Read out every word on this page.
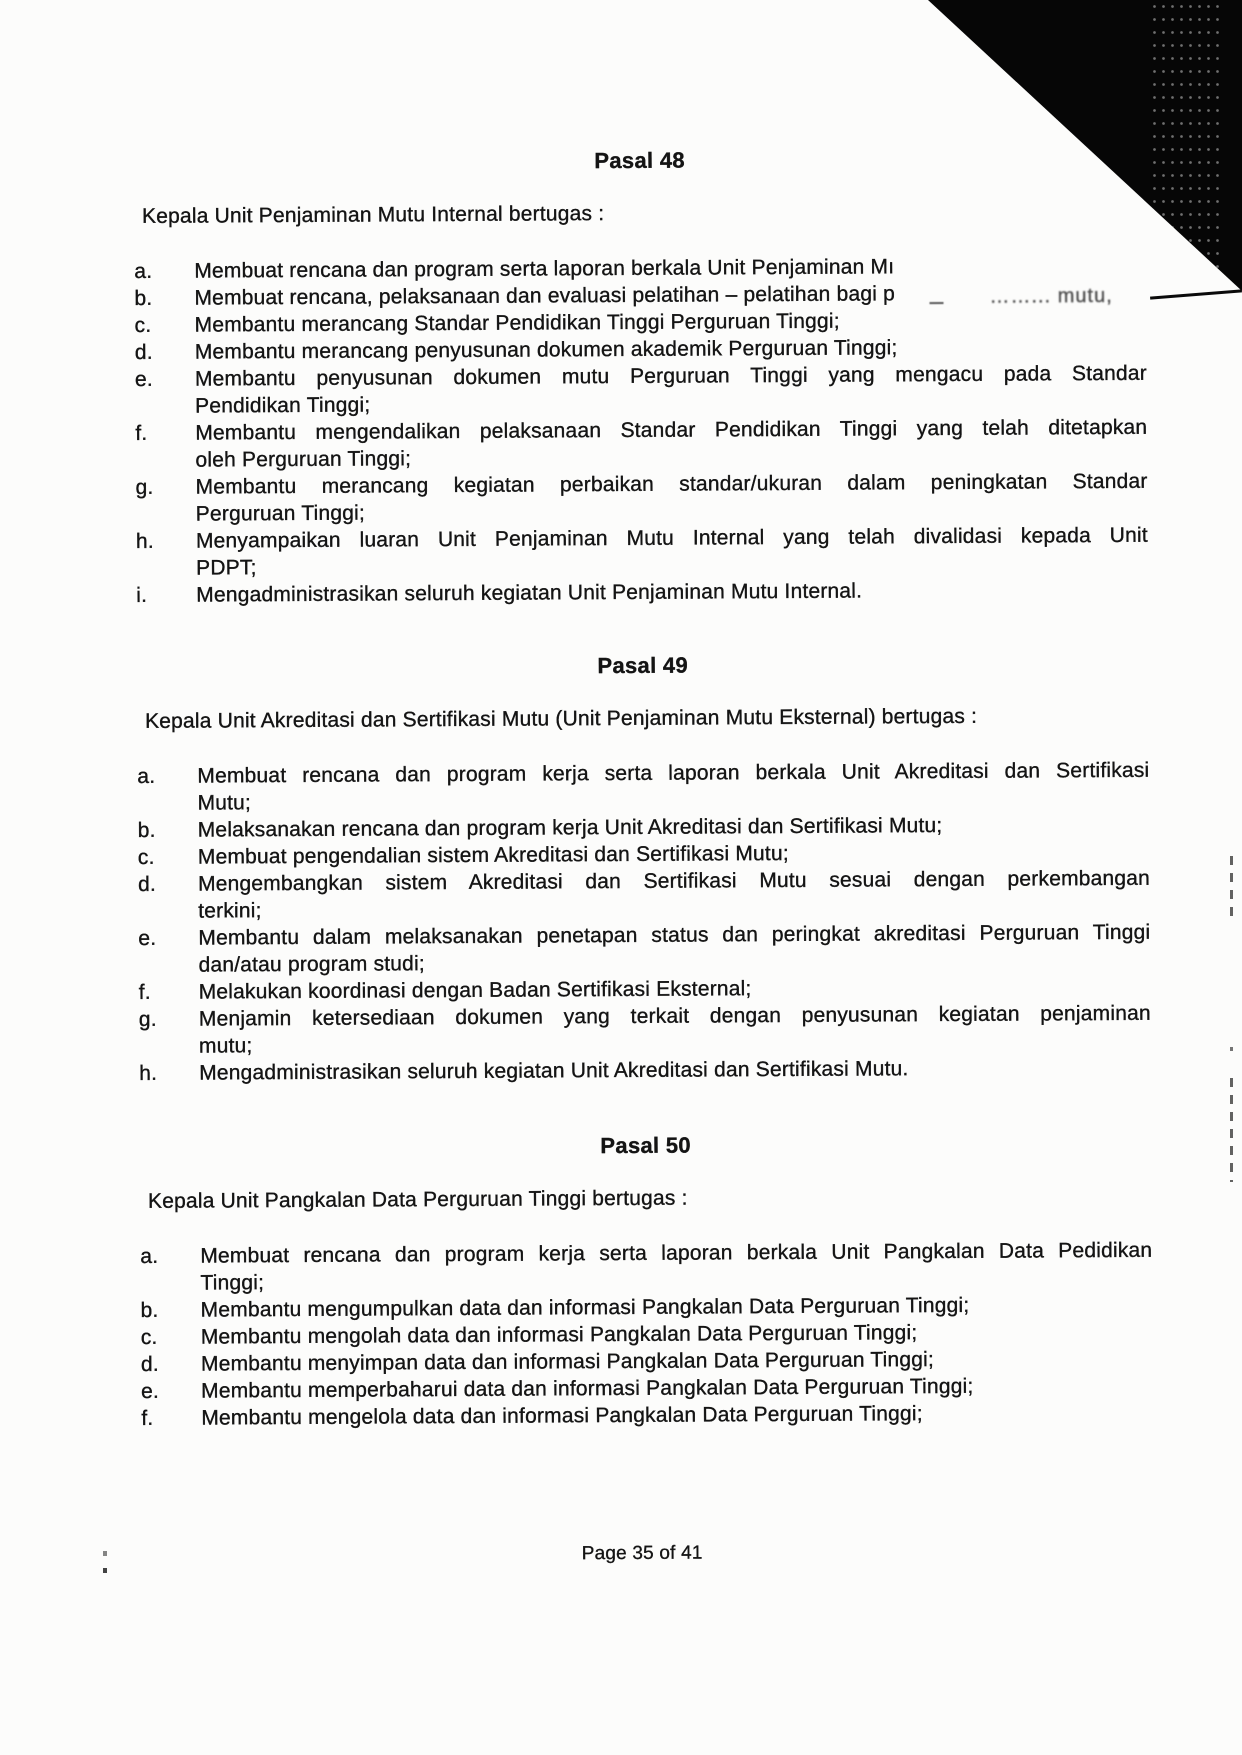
Pasal 48
Kepala Unit Penjaminan Mutu Internal bertugas :
a.	Membuat rencana dan program serta laporan berkala Unit Penjaminan Mı
b.	Membuat rencana, pelaksanaan dan evaluasi pelatihan – pelatihan bagi p
c.	Membantu merancang Standar Pendidikan Tinggi Perguruan Tinggi;
d.	Membantu merancang penyusunan dokumen akademik Perguruan Tinggi;
e.	Membantu penyusunan dokumen mutu Perguruan Tinggi yang mengacu pada Standar
Pendidikan Tinggi;
f.	Membantu mengendalikan pelaksanaan Standar Pendidikan Tinggi yang telah ditetapkan
oleh Perguruan Tinggi;
g.	Membantu merancang kegiatan perbaikan standar/ukuran dalam peningkatan Standar
Perguruan Tinggi;
h.	Menyampaikan luaran Unit Penjaminan Mutu Internal yang telah divalidasi kepada Unit
PDPT;
i.	Mengadministrasikan seluruh kegiatan Unit Penjaminan Mutu Internal.
Pasal 49
Kepala Unit Akreditasi dan Sertifikasi Mutu (Unit Penjaminan Mutu Eksternal) bertugas :
a.	Membuat rencana dan program kerja serta laporan berkala Unit Akreditasi dan Sertifikasi
Mutu;
b.	Melaksanakan rencana dan program kerja Unit Akreditasi dan Sertifikasi Mutu;
c.	Membuat pengendalian sistem Akreditasi dan Sertifikasi Mutu;
d.	Mengembangkan sistem Akreditasi dan Sertifikasi Mutu sesuai dengan perkembangan
terkini;
e.	Membantu dalam melaksanakan penetapan status dan peringkat akreditasi Perguruan Tinggi
dan/atau program studi;
f.	Melakukan koordinasi dengan Badan Sertifikasi Eksternal;
g.	Menjamin ketersediaan dokumen yang terkait dengan penyusunan kegiatan penjaminan
mutu;
h.	Mengadministrasikan seluruh kegiatan Unit Akreditasi dan Sertifikasi Mutu.
Pasal 50
Kepala Unit Pangkalan Data Perguruan Tinggi bertugas :
a.	Membuat rencana dan program kerja serta laporan berkala Unit Pangkalan Data Pedidikan
Tinggi;
b.	Membantu mengumpulkan data dan informasi Pangkalan Data Perguruan Tinggi;
c.	Membantu mengolah data dan informasi Pangkalan Data Perguruan Tinggi;
d.	Membantu menyimpan data dan informasi Pangkalan Data Perguruan Tinggi;
e.	Membantu memperbaharui data dan informasi Pangkalan Data Perguruan Tinggi;
f.	Membantu mengelola data dan informasi Pangkalan Data Perguruan Tinggi;
……... mutu,
Page 35 of 41
